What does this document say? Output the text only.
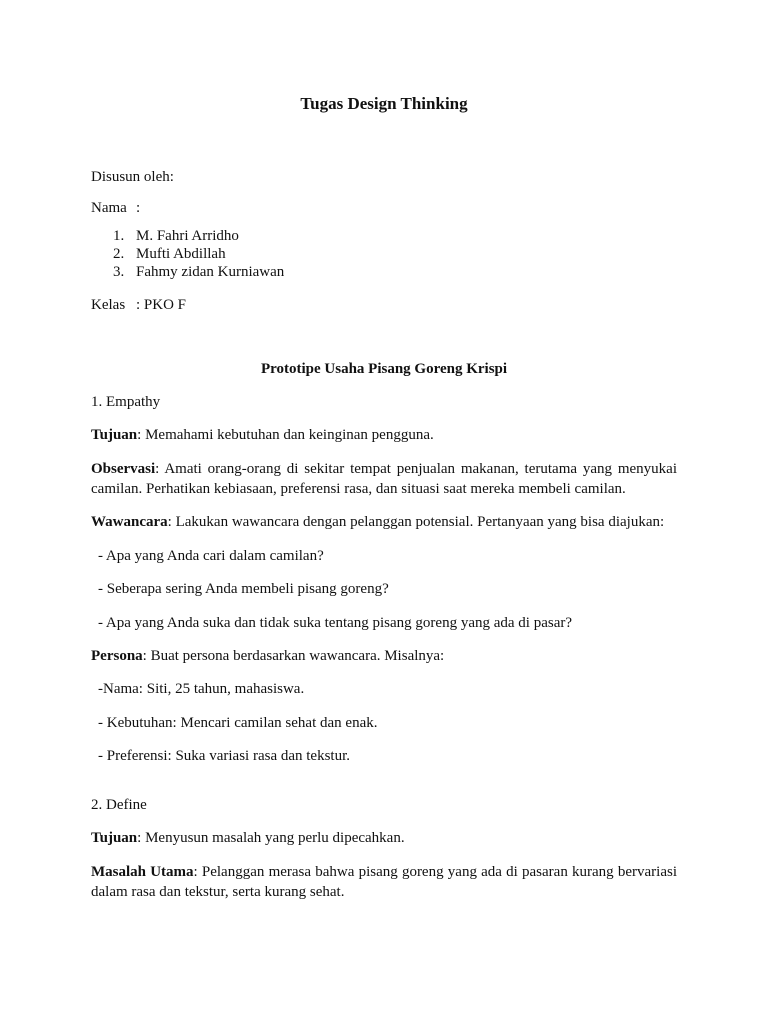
Tugas Design Thinking
Disusun oleh:
Nama :
1. M. Fahri Arridho
2. Mufti Abdillah
3. Fahmy zidan Kurniawan
Kelas : PKO F
Prototipe Usaha Pisang Goreng Krispi
1. Empathy
Tujuan: Memahami kebutuhan dan keinginan pengguna.
Observasi: Amati orang-orang di sekitar tempat penjualan makanan, terutama yang menyukai camilan. Perhatikan kebiasaan, preferensi rasa, dan situasi saat mereka membeli camilan.
Wawancara: Lakukan wawancara dengan pelanggan potensial. Pertanyaan yang bisa diajukan:
- Apa yang Anda cari dalam camilan?
- Seberapa sering Anda membeli pisang goreng?
- Apa yang Anda suka dan tidak suka tentang pisang goreng yang ada di pasar?
Persona: Buat persona berdasarkan wawancara. Misalnya:
-Nama: Siti, 25 tahun, mahasiswa.
- Kebutuhan: Mencari camilan sehat dan enak.
- Preferensi: Suka variasi rasa dan tekstur.
2. Define
Tujuan: Menyusun masalah yang perlu dipecahkan.
Masalah Utama: Pelanggan merasa bahwa pisang goreng yang ada di pasaran kurang bervariasi dalam rasa dan tekstur, serta kurang sehat.
